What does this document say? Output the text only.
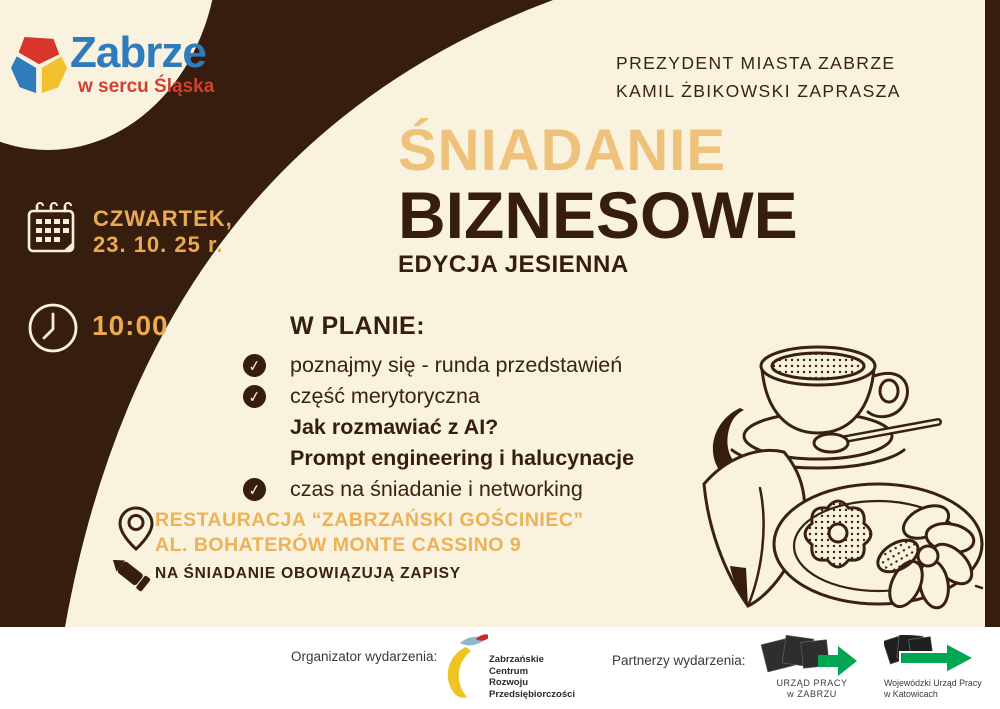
Zabrze
w sercu Śląska
PREZYDENT MIASTA ZABRZE
KAMIL ŻBIKOWSKI ZAPRASZA
ŚNIADANIE
BIZNESOWE
EDYCJA JESIENNA
CZWARTEK,
23. 10. 25 r.
10:00	W PLANIE:
✓ poznajmy się - runda przedstawień
✓ część merytoryczna
Jak rozmawiać z AI?
Prompt engineering i halucynacje
✓ czas na śniadanie i networking
RESTAURACJA “ZABRZAŃSKI GOŚCINIEC”
AL. BOHATERÓW MONTE CASSINO 9
NA ŚNIADANIE OBOWIĄZUJĄ ZAPISY
Organizator wydarzenia:	Zabrzańskie
Centrum
Rozwoju
Przedsiębiorczości
Partnerzy wydarzenia:
URZĄD PRACY
w ZABRZU
Wojewódzki Urząd Pracy
w Katowicach
